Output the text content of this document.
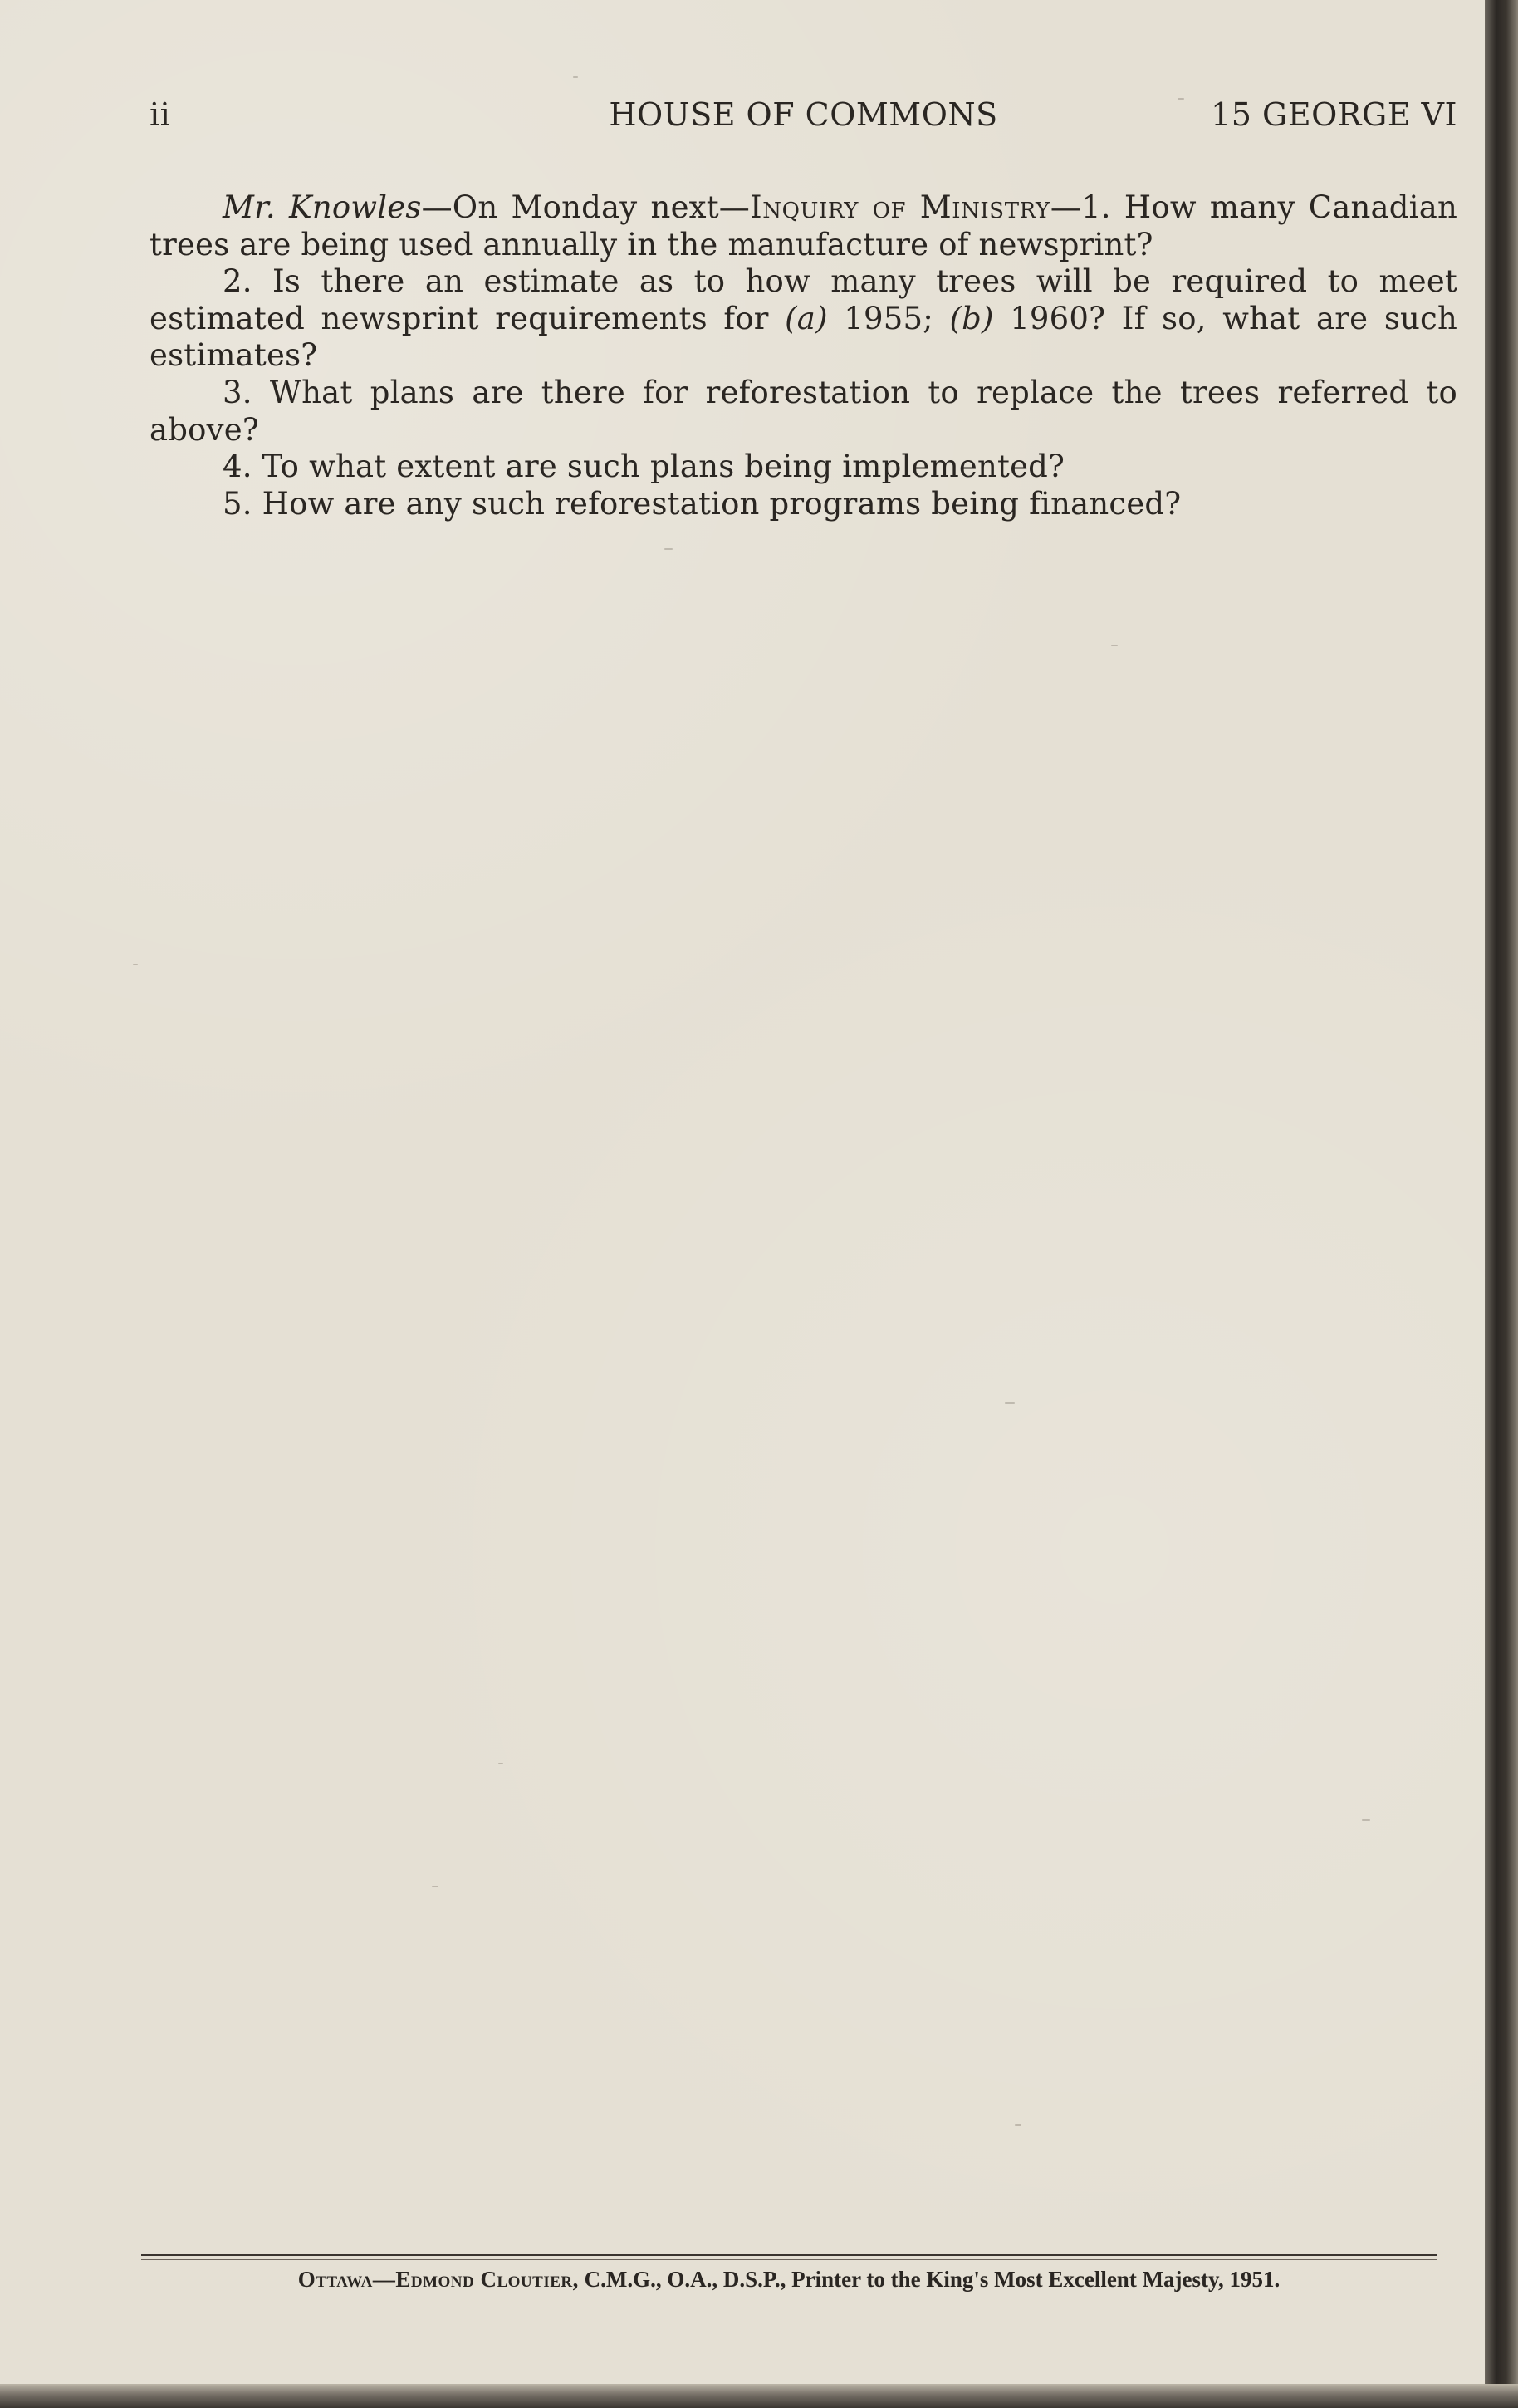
ii	HOUSE OF COMMONS	15 GEORGE VI

Mr. Knowles—On Monday next—Inquiry of Ministry—1. How many Canadian trees are being used annually in the manufacture of newsprint?

2. Is there an estimate as to how many trees will be required to meet estimated newsprint requirements for (a) 1955; (b) 1960? If so, what are such estimates?

3. What plans are there for reforestation to replace the trees referred to above?

4. To what extent are such plans being implemented?

5. How are any such reforestation programs being financed?

Ottawa—Edmond Cloutier, C.M.G., O.A., D.S.P., Printer to the King's Most Excellent Majesty, 1951.
